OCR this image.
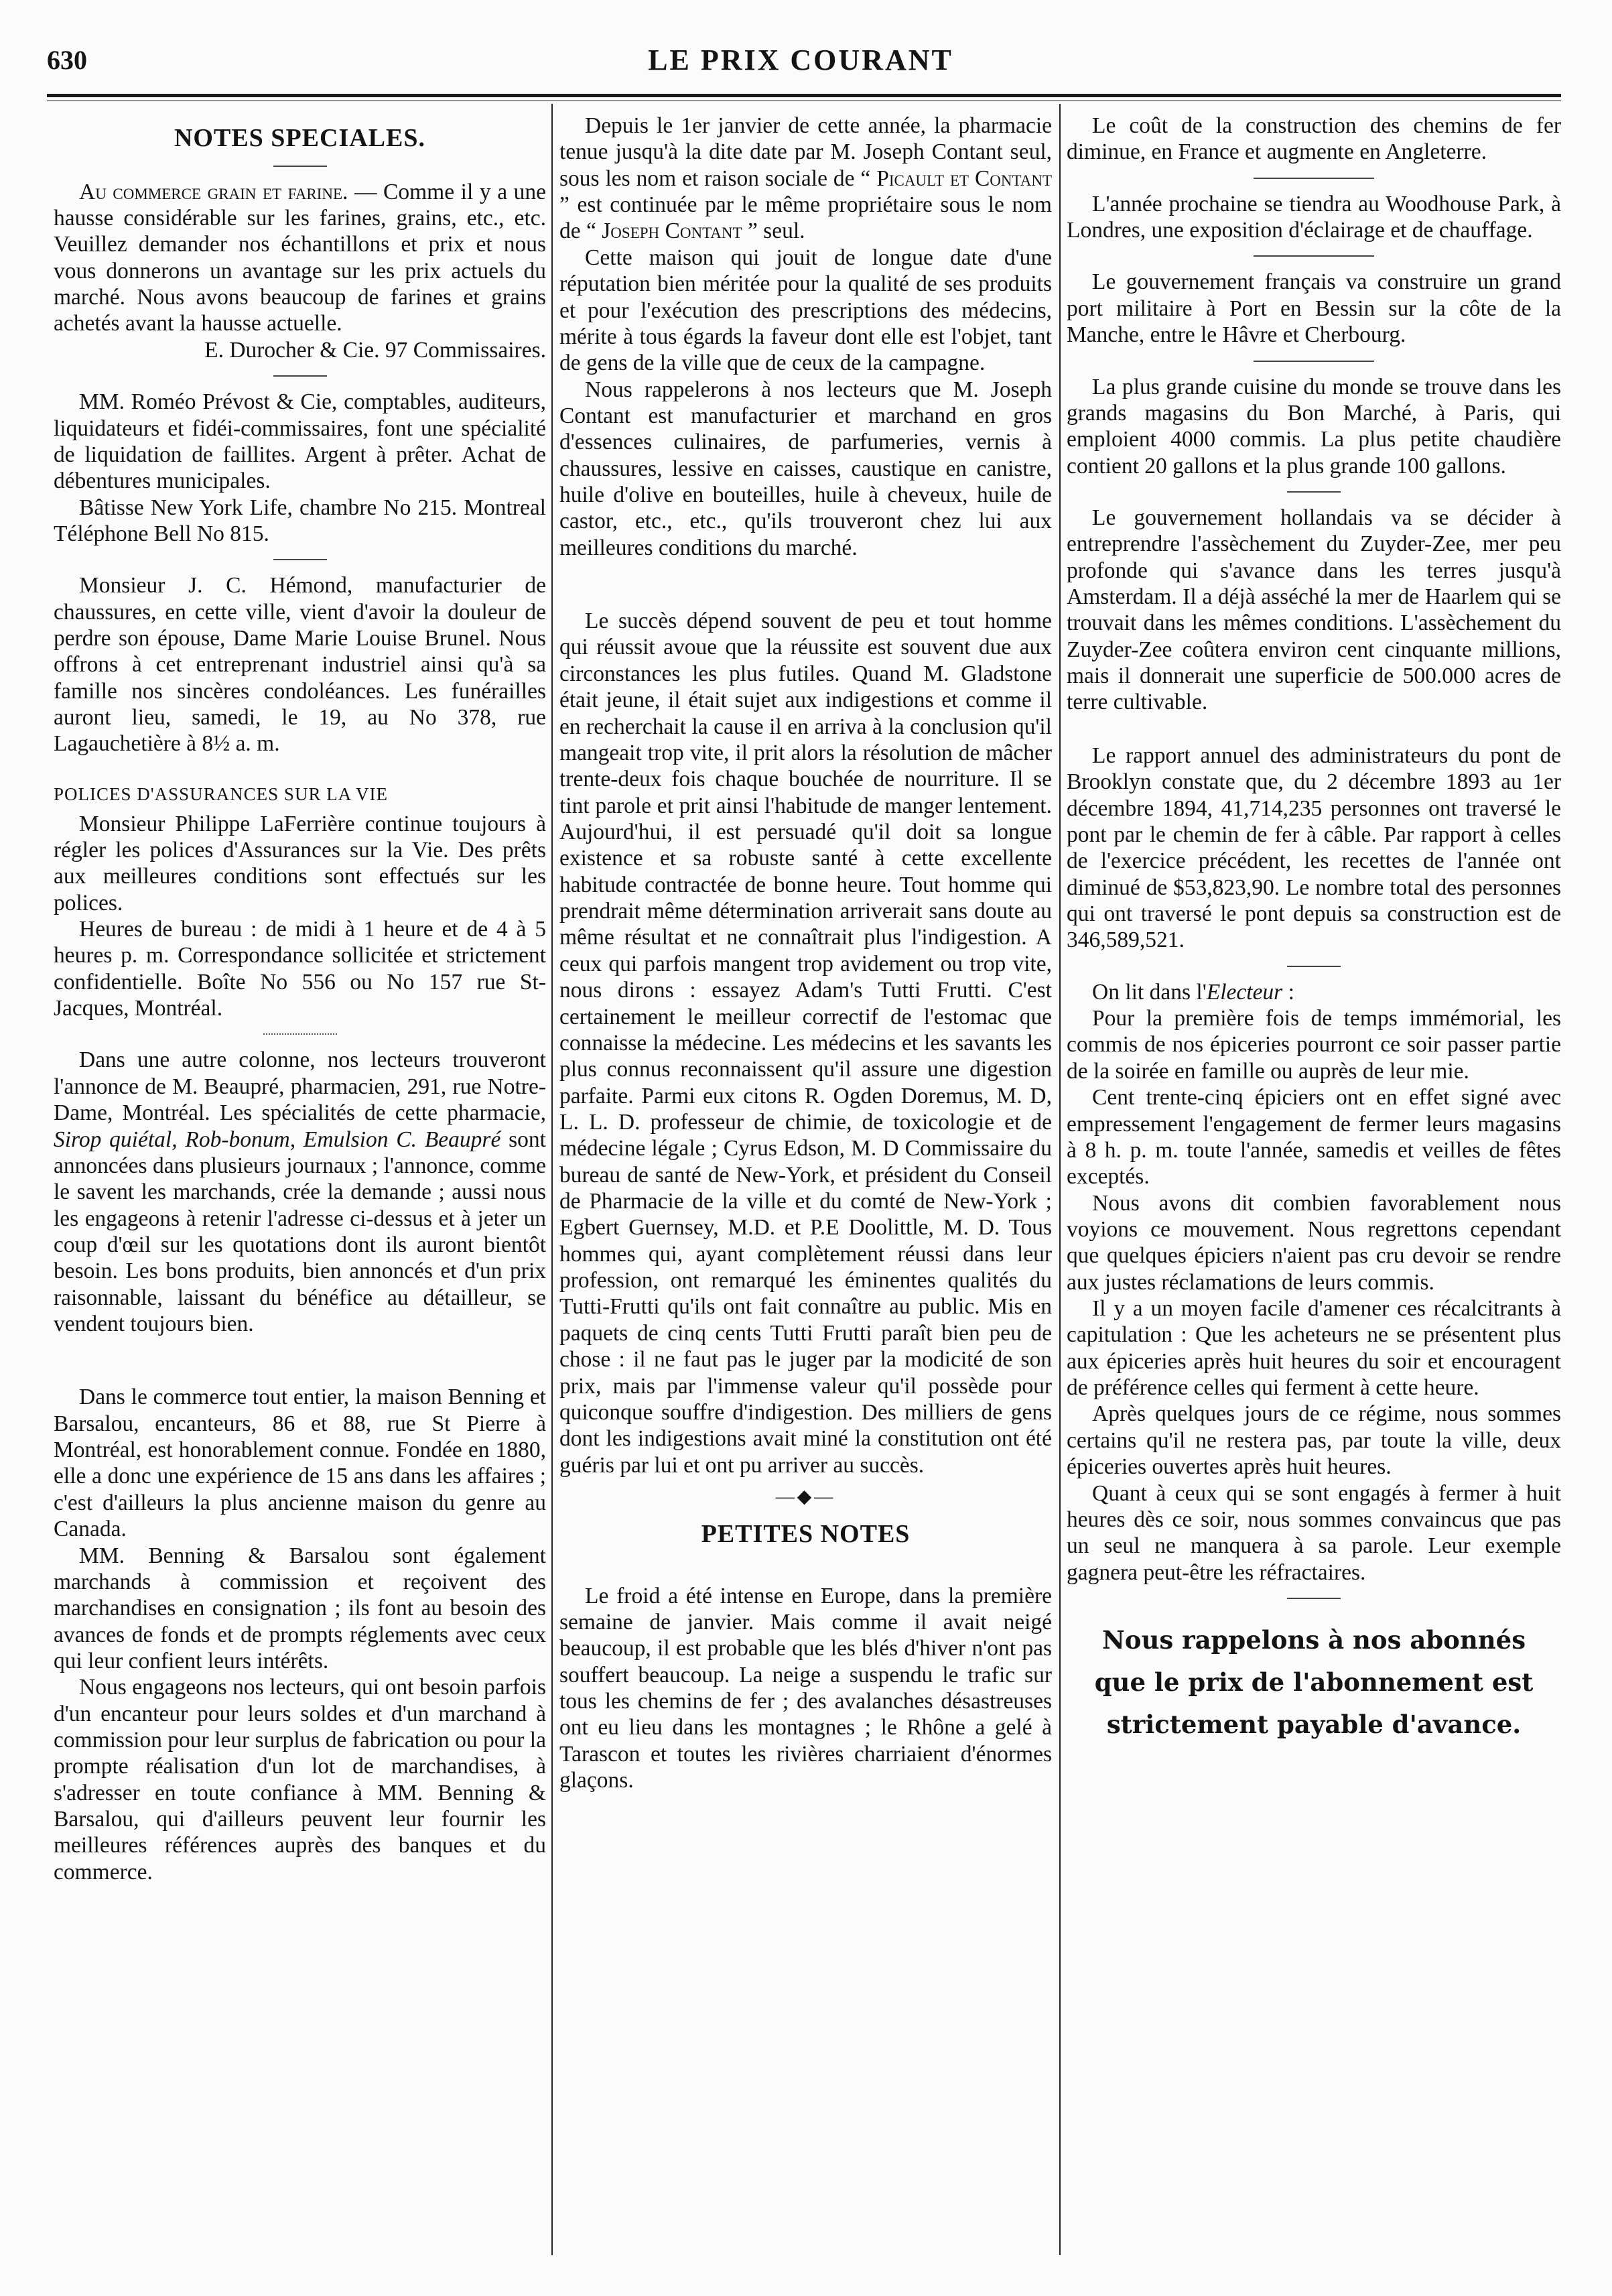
630	LE PRIX COURANT
NOTES SPECIALES.

Au commerce grain et farine. — Comme il y a une hausse considérable sur les farines, grains, etc., etc. Veuillez demander nos échantillons et prix et nous vous donnerons un avantage sur les prix actuels du marché. Nous avons beaucoup de farines et grains achetés avant la hausse actuelle.

E. Durocher & Cie. 97 Commissaires.

MM. Roméo Prévost & Cie, comptables, auditeurs, liquidateurs et fidéi-commissaires, font une spécialité de liquidation de faillites. Argent à prêter. Achat de débentures municipales.

Bâtisse New York Life, chambre No 215. Montreal Téléphone Bell No 815.

Monsieur J. C. Hémond, manufacturier de chaussures, en cette ville, vient d'avoir la douleur de perdre son épouse, Dame Marie Louise Brunel. Nous offrons à cet entreprenant industriel ainsi qu'à sa famille nos sincères condoléances. Les funérailles auront lieu, samedi, le 19, au No 378, rue Lagauchetière à 8½ a. m.

POLICES D'ASSURANCES SUR LA VIE

Monsieur Philippe LaFerrière continue toujours à régler les polices d'Assurances sur la Vie. Des prêts aux meilleures conditions sont effectués sur les polices.

Heures de bureau : de midi à 1 heure et de 4 à 5 heures p. m. Correspondance sollicitée et strictement confidentielle. Boîte No 556 ou No 157 rue St-Jacques, Montréal.

Dans une autre colonne, nos lecteurs trouveront l'annonce de M. Beaupré, pharmacien, 291, rue Notre-Dame, Montréal. Les spécialités de cette pharmacie, Sirop quiétal, Rob-bonum, Emulsion C. Beaupré sont annoncées dans plusieurs journaux ; l'annonce, comme le savent les marchands, crée la demande ; aussi nous les engageons à retenir l'adresse ci-dessus et à jeter un coup d'œil sur les quotations dont ils auront bientôt besoin. Les bons produits, bien annoncés et d'un prix raisonnable, laissant du bénéfice au détailleur, se vendent toujours bien.

Dans le commerce tout entier, la maison Benning et Barsalou, encanteurs, 86 et 88, rue St Pierre à Montréal, est honorablement connue. Fondée en 1880, elle a donc une expérience de 15 ans dans les affaires ; c'est d'ailleurs la plus ancienne maison du genre au Canada.

MM. Benning & Barsalou sont également marchands à commission et reçoivent des marchandises en consignation ; ils font au besoin des avances de fonds et de prompts réglements avec ceux qui leur confient leurs intérêts.

Nous engageons nos lecteurs, qui ont besoin parfois d'un encanteur pour leurs soldes et d'un marchand à commission pour leur surplus de fabrication ou pour la prompte réalisation d'un lot de marchandises, à s'adresser en toute confiance à MM. Benning & Barsalou, qui d'ailleurs peuvent leur fournir les meilleures références auprès des banques et du commerce.

Depuis le 1er janvier de cette année, la pharmacie tenue jusqu'à la dite date par M. Joseph Contant seul, sous les nom et raison sociale de “ Picault et Contant ” est continuée par le même propriétaire sous le nom de “ Joseph Contant ” seul.

Cette maison qui jouit de longue date d'une réputation bien méritée pour la qualité de ses produits et pour l'exécution des prescriptions des médecins, mérite à tous égards la faveur dont elle est l'objet, tant de gens de la ville que de ceux de la campagne.

Nous rappelerons à nos lecteurs que M. Joseph Contant est manufacturier et marchand en gros d'essences culinaires, de parfumeries, vernis à chaussures, lessive en caisses, caustique en canistre, huile d'olive en bouteilles, huile à cheveux, huile de castor, etc., etc., qu'ils trouveront chez lui aux meilleures conditions du marché.

Le succès dépend souvent de peu et tout homme qui réussit avoue que la réussite est souvent due aux circonstances les plus futiles. Quand M. Gladstone était jeune, il était sujet aux indigestions et comme il en recherchait la cause il en arriva à la conclusion qu'il mangeait trop vite, il prit alors la résolution de mâcher trente-deux fois chaque bouchée de nourriture. Il se tint parole et prit ainsi l'habitude de manger lentement. Aujourd'hui, il est persuadé qu'il doit sa longue existence et sa robuste santé à cette excellente habitude contractée de bonne heure. Tout homme qui prendrait même détermination arriverait sans doute au même résultat et ne connaîtrait plus l'indigestion. A ceux qui parfois mangent trop avidement ou trop vite, nous dirons : essayez Adam's Tutti Frutti. C'est certainement le meilleur correctif de l'estomac que connaisse la médecine. Les médecins et les savants les plus connus reconnaissent qu'il assure une digestion parfaite. Parmi eux citons R. Ogden Doremus, M. D, L. L. D. professeur de chimie, de toxicologie et de médecine légale ; Cyrus Edson, M. D Commissaire du bureau de santé de New-York, et président du Conseil de Pharmacie de la ville et du comté de New-York ; Egbert Guernsey, M.D. et P.E Doolittle, M. D. Tous hommes qui, ayant complètement réussi dans leur profession, ont remarqué les éminentes qualités du Tutti-Frutti qu'ils ont fait connaître au public. Mis en paquets de cinq cents Tutti Frutti paraît bien peu de chose : il ne faut pas le juger par la modicité de son prix, mais par l'immense valeur qu'il possède pour quiconque souffre d'indigestion. Des milliers de gens dont les indigestions avait miné la constitution ont été guéris par lui et ont pu arriver au succès.

—◆—
PETITES NOTES

Le froid a été intense en Europe, dans la première semaine de janvier. Mais comme il avait neigé beaucoup, il est probable que les blés d'hiver n'ont pas souffert beaucoup. La neige a suspendu le trafic sur tous les chemins de fer ; des avalanches désastreuses ont eu lieu dans les montagnes ; le Rhône a gelé à Tarascon et toutes les rivières charriaient d'énormes glaçons.

Le coût de la construction des chemins de fer diminue, en France et augmente en Angleterre.

L'année prochaine se tiendra au Woodhouse Park, à Londres, une exposition d'éclairage et de chauffage.

Le gouvernement français va construire un grand port militaire à Port en Bessin sur la côte de la Manche, entre le Hâvre et Cherbourg.

La plus grande cuisine du monde se trouve dans les grands magasins du Bon Marché, à Paris, qui emploient 4000 commis. La plus petite chaudière contient 20 gallons et la plus grande 100 gallons.

Le gouvernement hollandais va se décider à entreprendre l'assèchement du Zuyder-Zee, mer peu profonde qui s'avance dans les terres jusqu'à Amsterdam. Il a déjà asséché la mer de Haarlem qui se trouvait dans les mêmes conditions. L'assèchement du Zuyder-Zee coûtera environ cent cinquante millions, mais il donnerait une superficie de 500.000 acres de terre cultivable.

Le rapport annuel des administrateurs du pont de Brooklyn constate que, du 2 décembre 1893 au 1er décembre 1894, 41,714,235 personnes ont traversé le pont par le chemin de fer à câble. Par rapport à celles de l'exercice précédent, les recettes de l'année ont diminué de $53,823,90. Le nombre total des personnes qui ont traversé le pont depuis sa construction est de 346,589,521.

On lit dans l'Electeur :

Pour la première fois de temps immémorial, les commis de nos épiceries pourront ce soir passer partie de la soirée en famille ou auprès de leur mie.

Cent trente-cinq épiciers ont en effet signé avec empressement l'engagement de fermer leurs magasins à 8 h. p. m. toute l'année, samedis et veilles de fêtes exceptés.

Nous avons dit combien favorablement nous voyions ce mouvement. Nous regrettons cependant que quelques épiciers n'aient pas cru devoir se rendre aux justes réclamations de leurs commis.

Il y a un moyen facile d'amener ces récalcitrants à capitulation : Que les acheteurs ne se présentent plus aux épiceries après huit heures du soir et encouragent de préférence celles qui ferment à cette heure.

Après quelques jours de ce régime, nous sommes certains qu'il ne restera pas, par toute la ville, deux épiceries ouvertes après huit heures.

Quant à ceux qui se sont engagés à fermer à huit heures dès ce soir, nous sommes convaincus que pas un seul ne manquera à sa parole. Leur exemple gagnera peut-être les réfractaires.

Nous rappelons à nos abonnés
que le prix de l'abonnement est
strictement payable d'avance.
